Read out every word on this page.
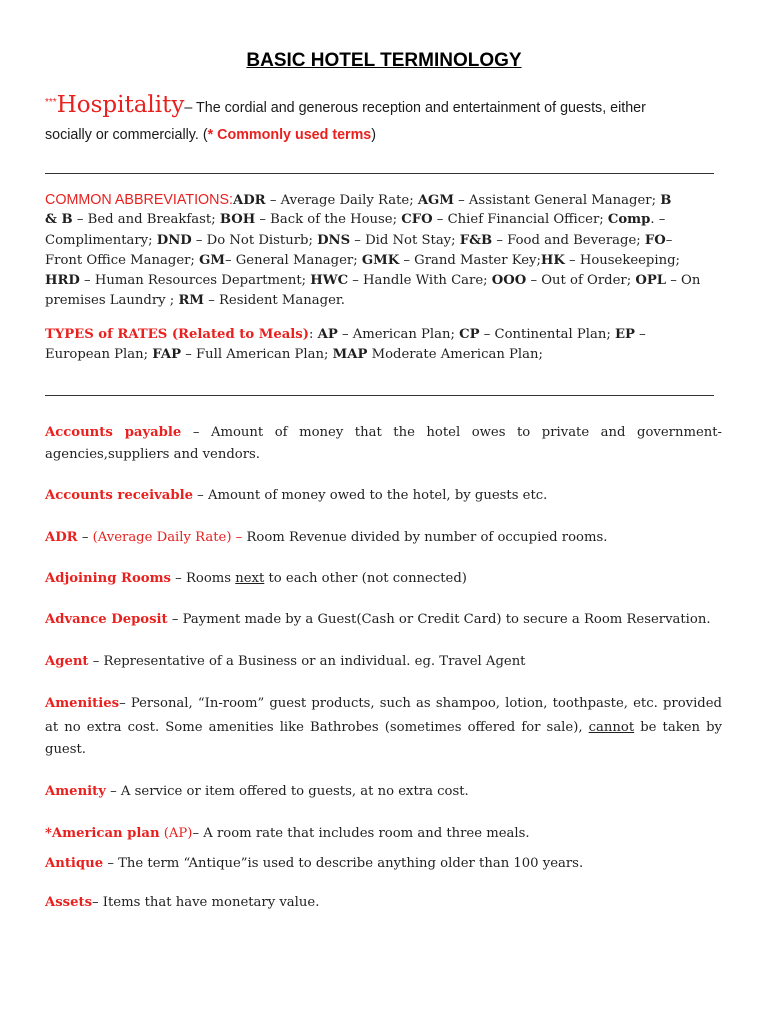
BASIC HOTEL TERMINOLOGY
***Hospitality– The cordial and generous reception and entertainment of guests, either
socially or commercially. (* Commonly used terms)
COMMON ABBREVIATIONS:ADR – Average Daily Rate; AGM – Assistant General Manager; B
& B – Bed and Breakfast; BOH – Back of the House; CFO – Chief Financial Officer; Comp. –
Complimentary; DND – Do Not Disturb; DNS – Did Not Stay; F&B – Food and Beverage; FO–
Front Office Manager; GM– General Manager; GMK – Grand Master Key;HK – Housekeeping;
HRD – Human Resources Department; HWC – Handle With Care; OOO – Out of Order; OPL – On
premises Laundry ; RM – Resident Manager.
TYPES of RATES (Related to Meals): AP – American Plan; CP – Continental Plan; EP –
European Plan; FAP – Full American Plan; MAP Moderate American Plan;
Accounts payable – Amount of money that the hotel owes to private and government-
agencies,suppliers and vendors.
Accounts receivable – Amount of money owed to the hotel, by guests etc.
ADR – (Average Daily Rate) – Room Revenue divided by number of occupied rooms.
Adjoining Rooms – Rooms next to each other (not connected)
Advance Deposit – Payment made by a Guest(Cash or Credit Card) to secure a Room Reservation.
Agent – Representative of a Business or an individual. eg. Travel Agent
Amenities– Personal, “In-room” guest products, such as shampoo, lotion, toothpaste, etc. provided
at no extra cost. Some amenities like Bathrobes (sometimes offered for sale), cannot be taken by
guest.
Amenity – A service or item offered to guests, at no extra cost.
*American plan (AP)– A room rate that includes room and three meals.
Antique – The term “Antique”is used to describe anything older than 100 years.
Assets– Items that have monetary value.
